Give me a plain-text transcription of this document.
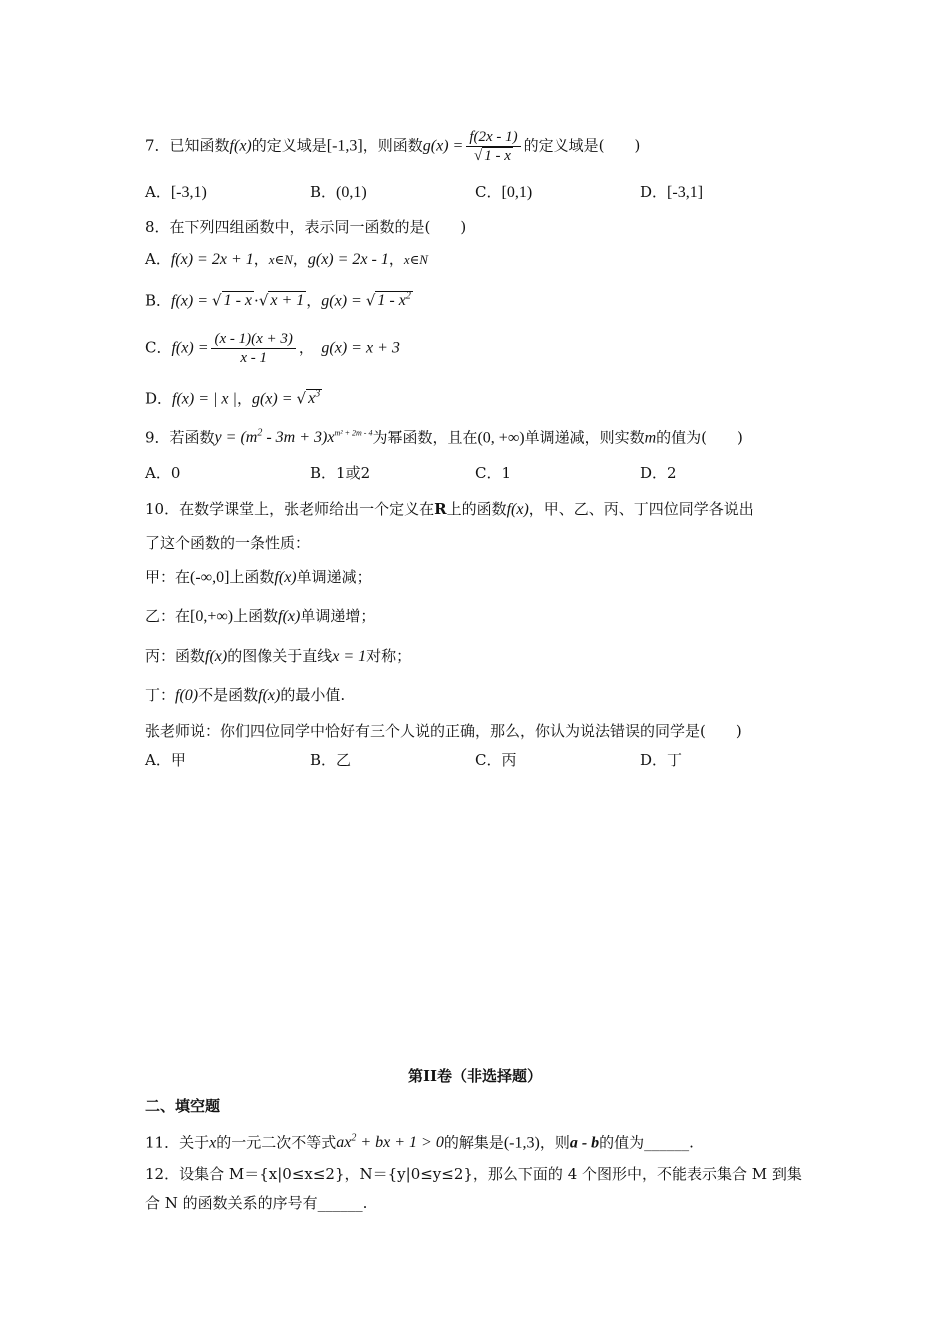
7．已知函数f(x)的定义域是[-1,3]，则函数$g(x) = \frac{f(2x - 1)}{√ 1 - x}$ 的定义域是(　　)
A．[-3,1)	B．(0,1)	C．[0,1)	D．[-3,1]
8．在下列四组函数中，表示同一函数的是(　　)
A．f(x) = 2x + 1，x∈N，g(x) = 2x - 1，x∈N
B．f(x) = √ 1 - x ·√ x + 1 ，g(x) = √ $1 - x^2$
C．$f(x) = \frac{(x - 1)(x + 3)}{x - 1}$ ，　g(x) = x + 3
D．f(x) = | x |，g(x) = √ $x^3$
9．若函数$y = (m^2 - 3m + 3)x^{m^2 + 2m - 4}$为幂函数，且在(0, +∞)单调递减，则实数m的值为(　　)
A．0	B．1或2	C．1	D．2
10．在数学课堂上，张老师给出一个定义在R上的函数f(x)，甲、乙、丙、丁四位同学各说出
了这个函数的一条性质：
甲：在(-∞,0]上函数f(x)单调递减；
乙：在[0,+∞)上函数f(x)单调递增；
丙：函数f(x)的图像关于直线x = 1对称；
丁：f(0)不是函数f(x)的最小值.
张老师说：你们四位同学中恰好有三个人说的正确，那么，你认为说法错误的同学是(　　)
A．甲	B．乙	C．丙	D．丁
第II卷（非选择题）
二、填空题
11．关于x的一元二次不等式$ax^2$ + bx + 1 > 0的解集是(-1,3)，则a - b的值为______.
12．设集合 M＝{x|0≤x≤2}，N＝{y|0≤y≤2}，那么下面的 4 个图形中，不能表示集合 M 到集
合 N 的函数关系的序号有______.
